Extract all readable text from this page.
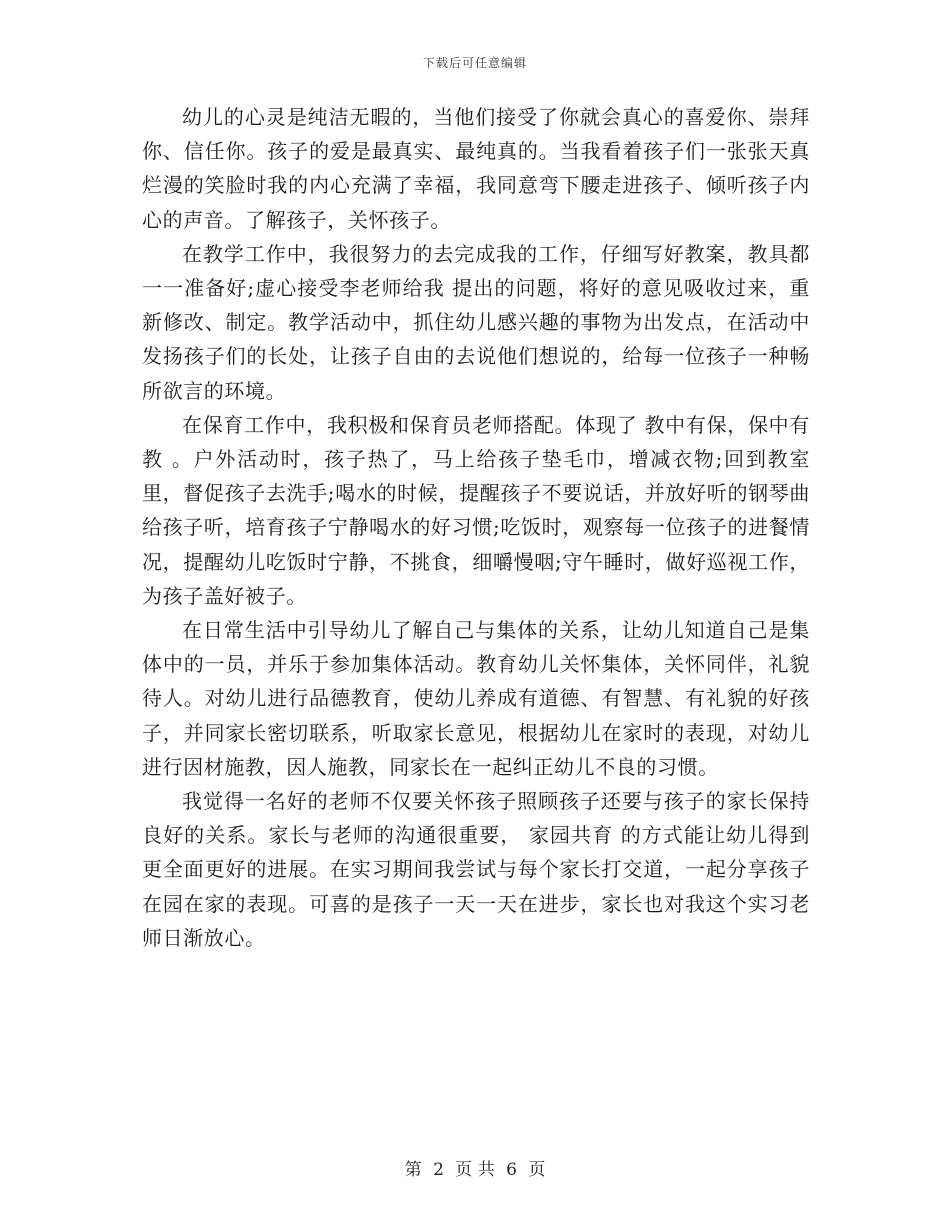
下载后可任意编辑

幼儿的心灵是纯洁无暇的，当他们接受了你就会真心的喜爱你、崇拜你、信任你。孩子的爱是最真实、最纯真的。当我看着孩子们一张张天真烂漫的笑脸时我的内心充满了幸福，我同意弯下腰走进孩子、倾听孩子内心的声音。了解孩子，关怀孩子。

在教学工作中，我很努力的去完成我的工作，仔细写好教案，教具都一一准备好;虚心接受李老师给我 提出的问题，将好的意见吸收过来，重新修改、制定。教学活动中，抓住幼儿感兴趣的事物为出发点，在活动中发扬孩子们的长处，让孩子自由的去说他们想说的，给每一位孩子一种畅所欲言的环境。

在保育工作中，我积极和保育员老师搭配。体现了 教中有保，保中有教 。户外活动时，孩子热了，马上给孩子垫毛巾，增减衣物;回到教室里，督促孩子去洗手;喝水的时候，提醒孩子不要说话，并放好听的钢琴曲给孩子听，培育孩子宁静喝水的好习惯;吃饭时，观察每一位孩子的进餐情况，提醒幼儿吃饭时宁静，不挑食，细嚼慢咽;守午睡时，做好巡视工作，为孩子盖好被子。

在日常生活中引导幼儿了解自己与集体的关系，让幼儿知道自己是集体中的一员，并乐于参加集体活动。教育幼儿关怀集体，关怀同伴，礼貌待人。对幼儿进行品德教育，使幼儿养成有道德、有智慧、有礼貌的好孩子，并同家长密切联系，听取家长意见，根据幼儿在家时的表现，对幼儿进行因材施教，因人施教，同家长在一起纠正幼儿不良的习惯。

我觉得一名好的老师不仅要关怀孩子照顾孩子还要与孩子的家长保持良好的关系。家长与老师的沟通很重要， 家园共育 的方式能让幼儿得到更全面更好的进展。在实习期间我尝试与每个家长打交道，一起分享孩子在园在家的表现。可喜的是孩子一天一天在进步，家长也对我这个实习老师日渐放心。

第 2 页 共 6 页
